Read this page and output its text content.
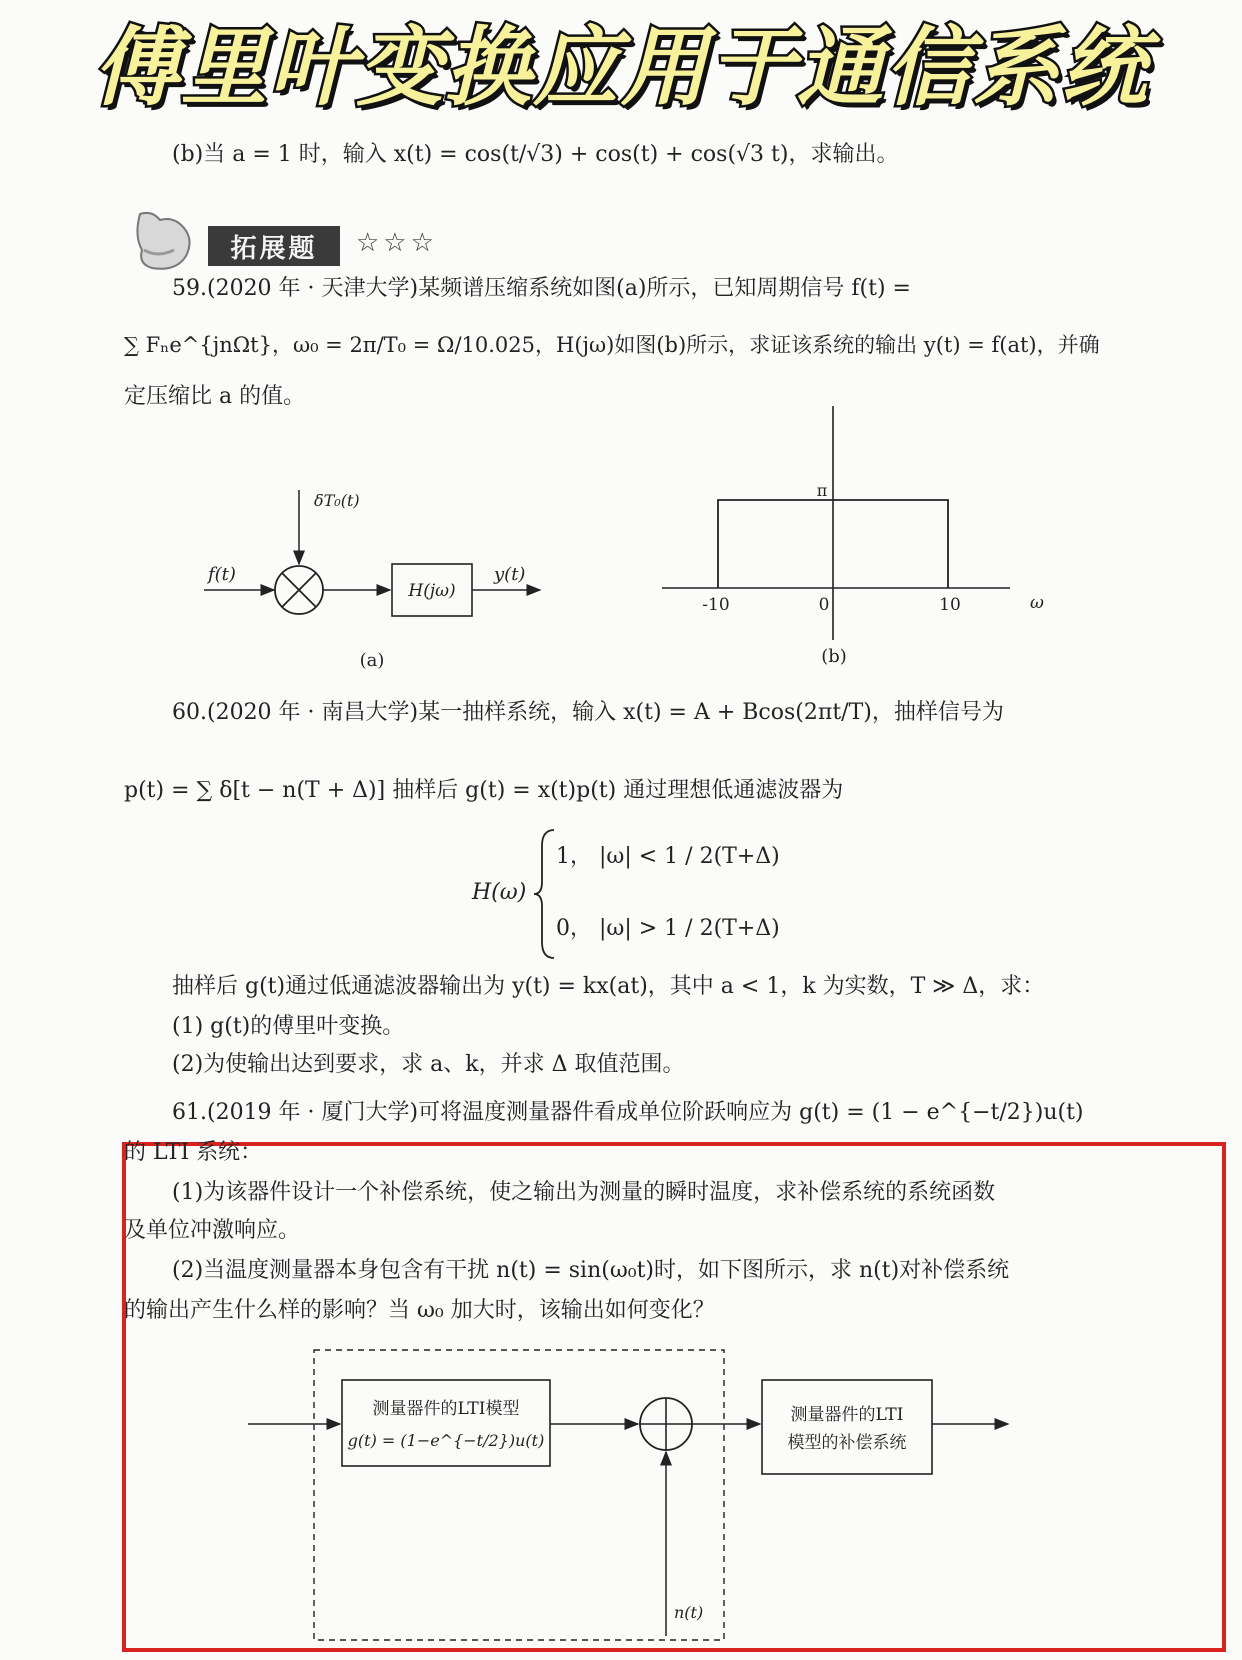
傅里叶变换应用于通信系统
(b)当 a = 1 时，输入 x(t) = cos(t/√3) + cos(t) + cos(√3 t)，求输出。
拓展题	☆☆☆
59.(2020 年 · 天津大学)某频谱压缩系统如图(a)所示，已知周期信号 f(t) =
∑ Fₙe^{jnΩt}，ω₀ = 2π/T₀ = Ω/10.025，H(jω)如图(b)所示，求证该系统的输出 y(t) = f(at)，并确
定压缩比 a 的值。
f(t)
δT₀(t)
H(jω)
y(t)
(a)
π
-10	0	10	ω
(b)
60.(2020 年 · 南昌大学)某一抽样系统，输入 x(t) = A + Bcos(2πt/T)，抽样信号为
p(t) = ∑ δ[t − n(T + Δ)] 抽样后 g(t) = x(t)p(t) 通过理想低通滤波器为
H(ω)
1， |ω| < 1 / 2(T+Δ)
0， |ω| > 1 / 2(T+Δ)
抽样后 g(t)通过低通滤波器输出为 y(t) = kx(at)，其中 a < 1，k 为实数，T ≫ Δ，求：
(1) g(t)的傅里叶变换。
(2)为使输出达到要求，求 a、k，并求 Δ 取值范围。
61.(2019 年 · 厦门大学)可将温度测量器件看成单位阶跃响应为 g(t) = (1 − e^{−t/2})u(t)
的 LTI 系统：
(1)为该器件设计一个补偿系统，使之输出为测量的瞬时温度，求补偿系统的系统函数
及单位冲激响应。
(2)当温度测量器本身包含有干扰 n(t) = sin(ω₀t)时，如下图所示，求 n(t)对补偿系统
的输出产生什么样的影响？当 ω₀ 加大时，该输出如何变化？
测量器件的LTI模型
g(t) = (1−e^{−t/2})u(t)
n(t)
测量器件的LTI
模型的补偿系统
